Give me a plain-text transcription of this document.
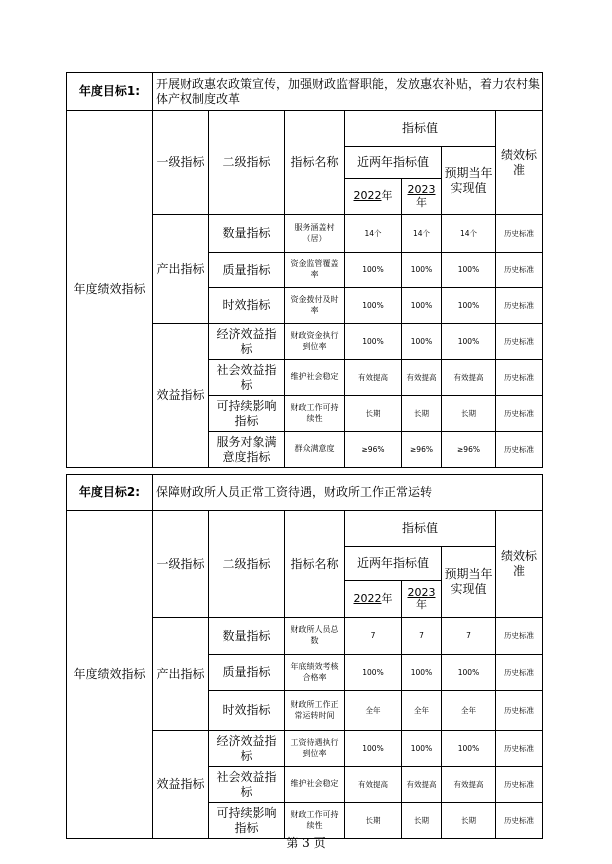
年度目标1:	开展财政惠农政策宣传，加强财政监督职能，发放惠农补贴，着力农村集体产权制度改革						
年度绩效指标	一级指标	二级指标	指标名称	指标值			绩效标准
				近两年指标值		预期当年实现值	
				2022年	2023
年		
	产出指标	数量指标	服务涵盖村（居）	14个	14个	14个	历史标准
		质量指标	资金监管覆盖率	100%	100%	100%	历史标准
		时效指标	资金拨付及时率	100%	100%	100%	历史标准
	效益指标	经济效益指标	财政资金执行到位率	100%	100%	100%	历史标准
		社会效益指标	维护社会稳定	有效提高	有效提高	有效提高	历史标准
		可持续影响指标	财政工作可持续性	长期	长期	长期	历史标准
		服务对象满意度指标	群众满意度	≥96%	≥96%	≥96%	历史标准
年度目标2:	保障财政所人员正常工资待遇，财政所工作正常运转						
年度绩效指标	一级指标	二级指标	指标名称	指标值			绩效标准
				近两年指标值		预期当年实现值	
				2022年	2023
年		
	产出指标	数量指标	财政所人员总数	7	7	7	历史标准
		质量指标	年底绩效考核合格率	100%	100%	100%	历史标准
		时效指标	财政所工作正常运转时间	全年	全年	全年	历史标准
	效益指标	经济效益指标	工资待遇执行到位率	100%	100%	100%	历史标准
		社会效益指标	维护社会稳定	有效提高	有效提高	有效提高	历史标准
		可持续影响指标	财政工作可持续性	长期	长期	长期	历史标准
第 3 页
